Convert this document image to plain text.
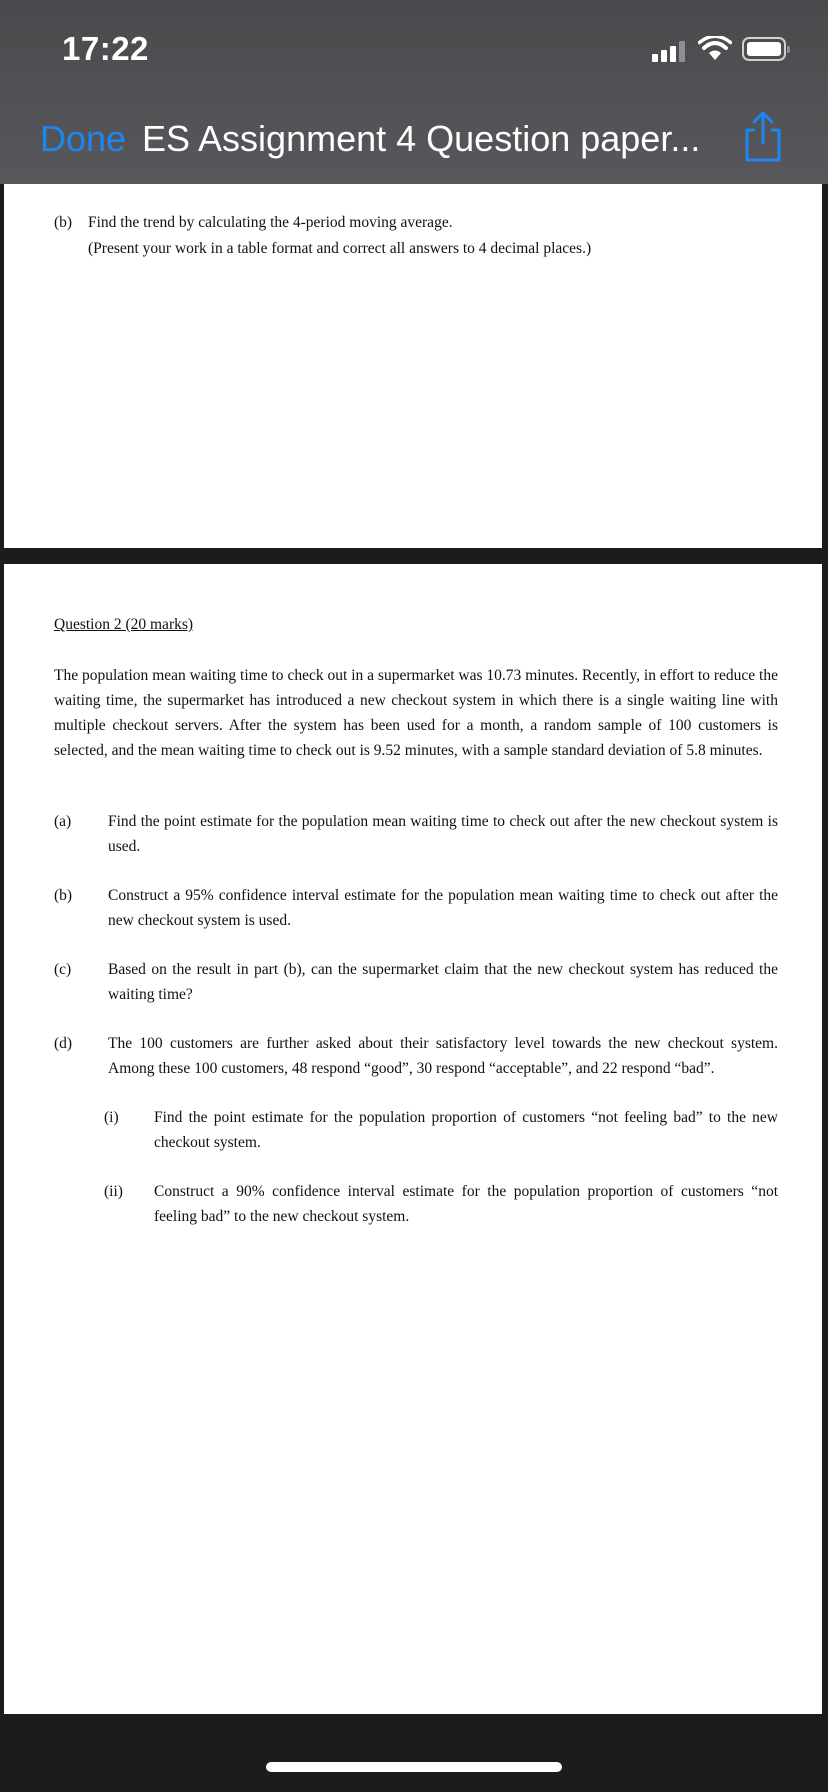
17:22
Done ES Assignment 4 Question paper...
(b) Find the trend by calculating the 4-period moving average.
(Present your work in a table format and correct all answers to 4 decimal places.)
Question 2 (20 marks)

The population mean waiting time to check out in a supermarket was 10.73 minutes. Recently, in effort to reduce the waiting time, the supermarket has introduced a new checkout system in which there is a single waiting line with multiple checkout servers. After the system has been used for a month, a random sample of 100 customers is selected, and the mean waiting time to check out is 9.52 minutes, with a sample standard deviation of 5.8 minutes.

(a) Find the point estimate for the population mean waiting time to check out after the new checkout system is used.

(b) Construct a 95% confidence interval estimate for the population mean waiting time to check out after the new checkout system is used.

(c) Based on the result in part (b), can the supermarket claim that the new checkout system has reduced the waiting time?

(d) The 100 customers are further asked about their satisfactory level towards the new checkout system. Among these 100 customers, 48 respond “good”, 30 respond “acceptable”, and 22 respond “bad”.

(i) Find the point estimate for the population proportion of customers “not feeling bad” to the new checkout system.

(ii) Construct a 90% confidence interval estimate for the population proportion of customers “not feeling bad” to the new checkout system.
